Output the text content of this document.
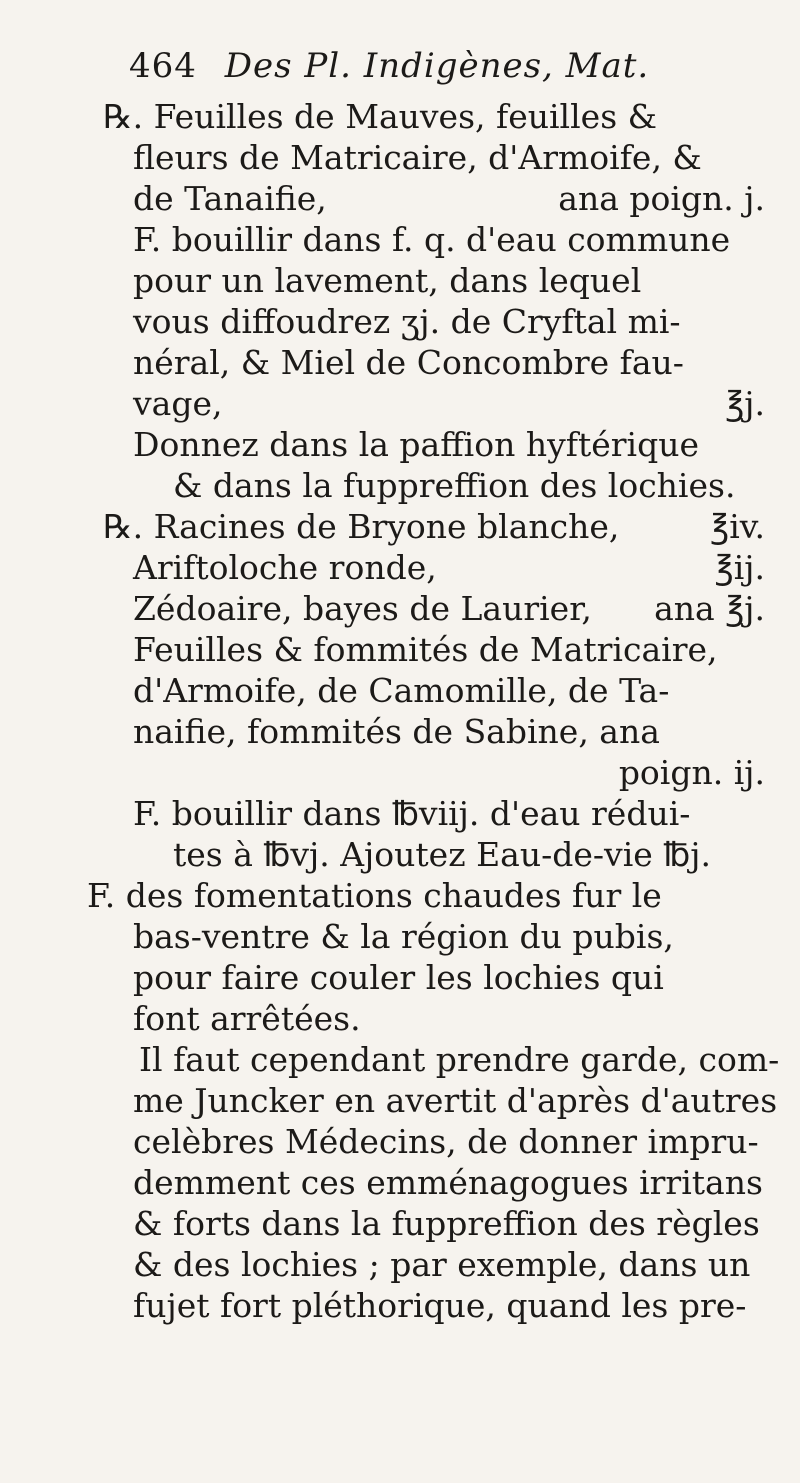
464 Des Pl. Indigènes, Mat.
℞. Feuilles de Mauves, feuilles &
fleurs de Matricaire, d'Armoife, &
de Tanaifie,	ana poign. j.
F. bouillir dans f. q. d'eau commune
pour un lavement, dans lequel
vous diffoudrez ʒj. de Cryftal mi-
néral, & Miel de Concombre fau-
vage,	℥j.
Donnez dans la paffion hyftérique
& dans la fuppreffion des lochies.
℞. Racines de Bryone blanche,	℥iv.
Ariftoloche ronde,	℥ij.
Zédoaire, bayes de Laurier, ana ℥j.
Feuilles & fommités de Matricaire,
d'Armoife, de Camomille, de Ta-
naifie, fommités de Sabine, ana
poign. ij.
F. bouillir dans ℔viij. d'eau rédui-
tes à ℔vj. Ajoutez Eau-de-vie ℔j.
F. des fomentations chaudes fur le
bas-ventre & la région du pubis,
pour faire couler les lochies qui
font arrêtées.
Il faut cependant prendre garde, com-
me Juncker en avertit d'après d'autres
celèbres Médecins, de donner impru-
demment ces emménagogues irritans
& forts dans la fuppreffion des règles
& des lochies ; par exemple, dans un
fujet fort pléthorique, quand les pre-
